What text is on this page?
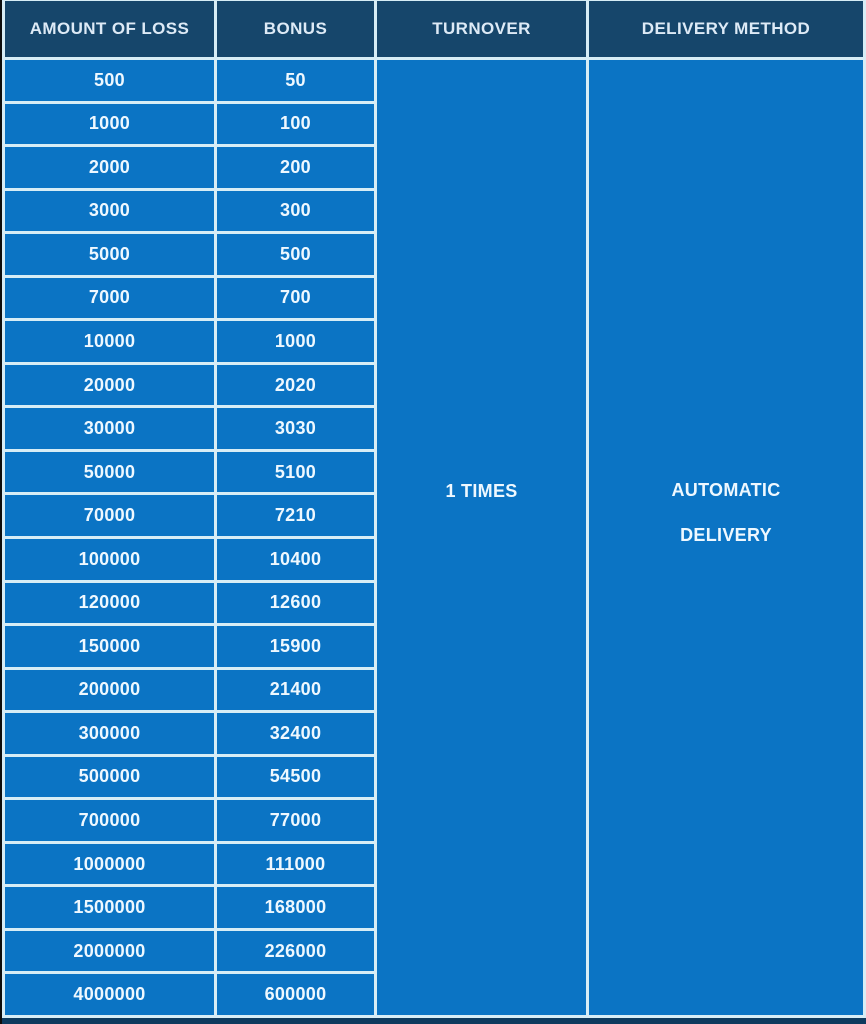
AMOUNT OF LOSS	BONUS	TURNOVER	DELIVERY METHOD
1 TIMES	AUTOMATIC
DELIVERY
500	50
1000	100
2000	200
3000	300
5000	500
7000	700
10000	1000
20000	2020
30000	3030
50000	5100
70000	7210
100000	10400
120000	12600
150000	15900
200000	21400
300000	32400
500000	54500
700000	77000
1000000	111000
1500000	168000
2000000	226000
4000000	600000
